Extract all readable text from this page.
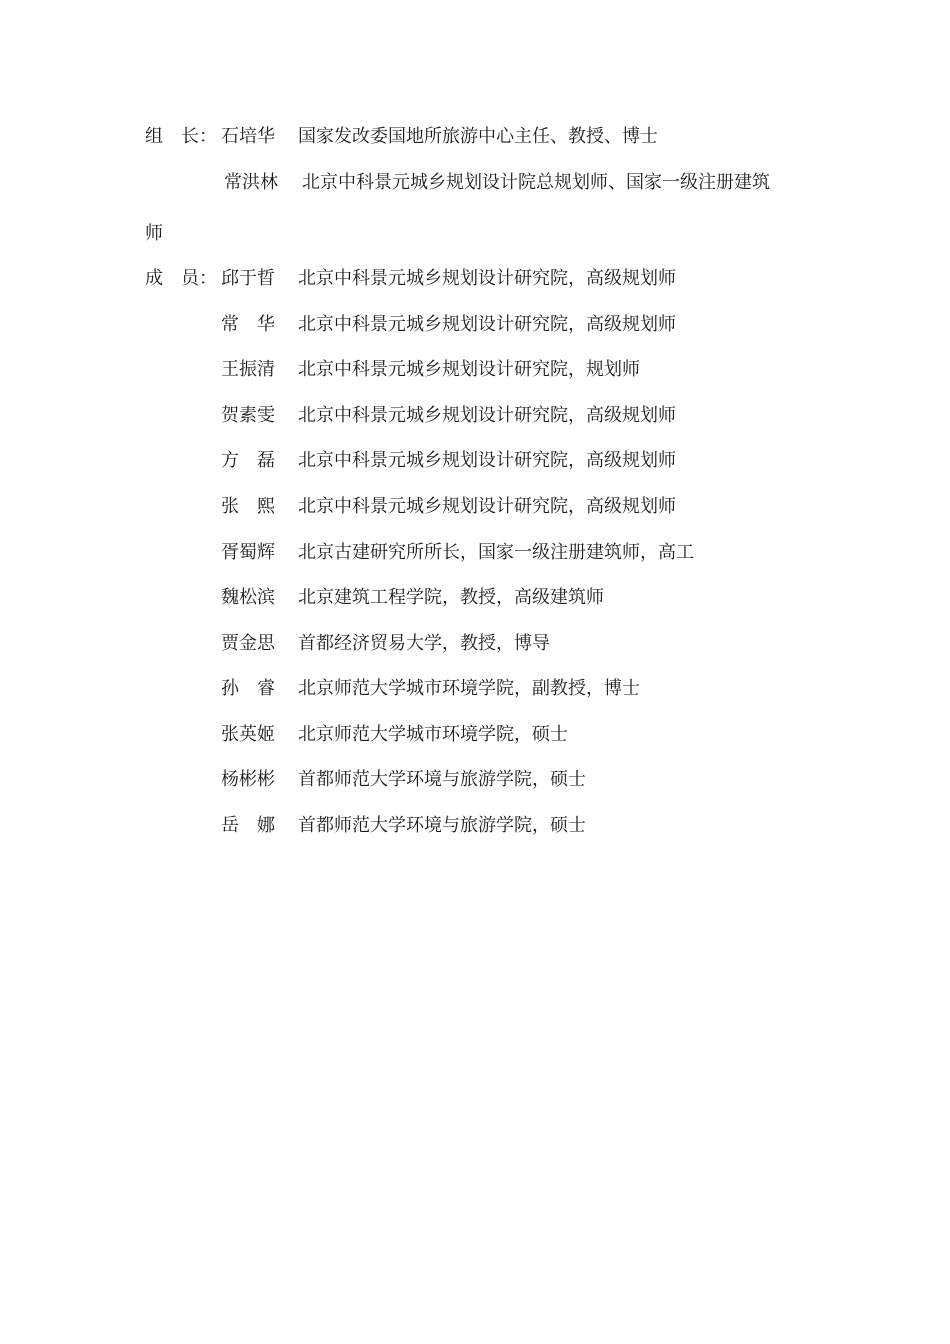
组　长： 石培华 国家发改委国地所旅游中心主任、教授、博士
常洪林 北京中科景元城乡规划设计院总规划师、国家一级注册建筑
师
成　员： 邱于晢 北京中科景元城乡规划设计研究院，高级规划师
常　华 北京中科景元城乡规划设计研究院，高级规划师
王振清 北京中科景元城乡规划设计研究院，规划师
贺素雯 北京中科景元城乡规划设计研究院，高级规划师
方　磊 北京中科景元城乡规划设计研究院，高级规划师
张　熙 北京中科景元城乡规划设计研究院，高级规划师
胥蜀辉 北京古建研究所所长，国家一级注册建筑师，高工
魏松滨 北京建筑工程学院，教授，高级建筑师
贾金思 首都经济贸易大学，教授，博导
孙　睿 北京师范大学城市环境学院，副教授，博士
张英姬 北京师范大学城市环境学院，硕士
杨彬彬 首都师范大学环境与旅游学院，硕士
岳　娜 首都师范大学环境与旅游学院，硕士
